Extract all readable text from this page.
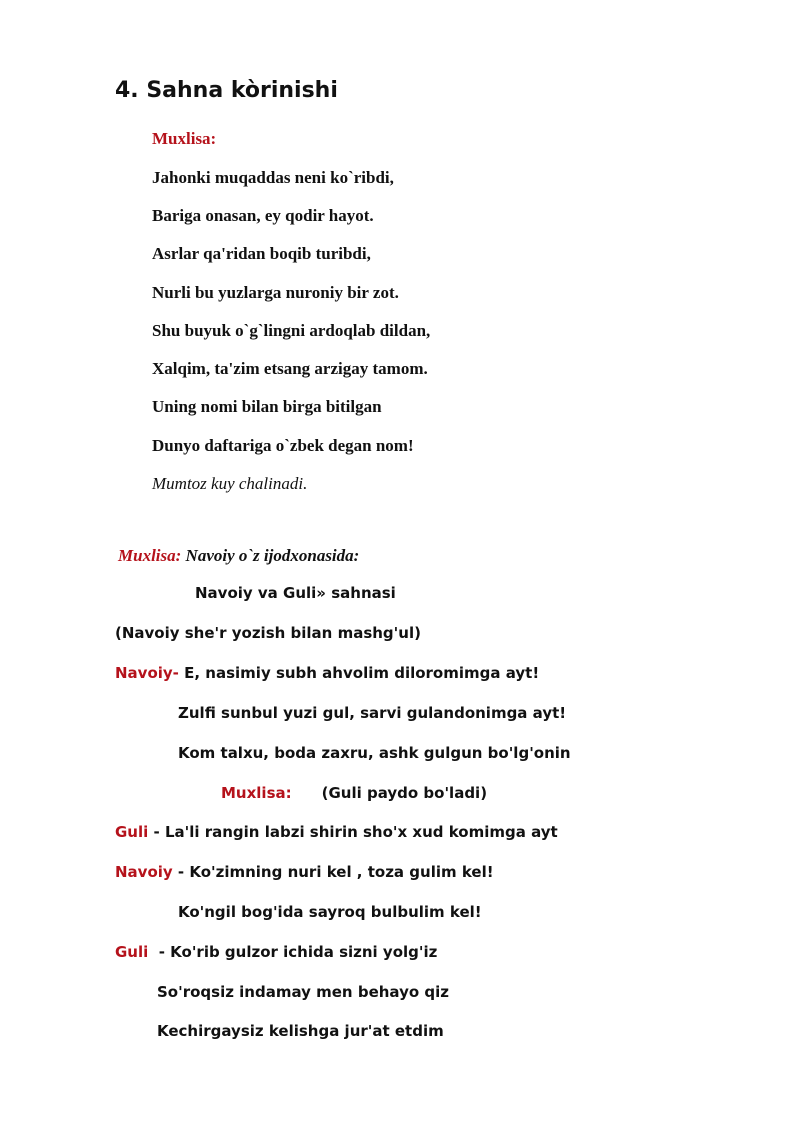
4. Sahna kòrinishi
Muxlisa:
Jahonki muqaddas neni ko`ribdi,
Bariga onasan, ey qodir hayot.
Asrlar qa'ridan boqib turibdi,
Nurli bu yuzlarga nuroniy bir zot.
Shu buyuk o`g`lingni ardoqlab dildan,
Xalqim, ta'zim etsang arzigay tamom.
Uning nomi bilan birga bitilgan
Dunyo daftariga o`zbek degan nom!
Mumtoz kuy chalinadi.
Muxlisa: Navoiy o`z ijodxonasida:
Navoiy va Guli» sahnasi
(Navoiy she'r yozish bilan mashg'ul)
Navoiy- E, nasimiy subh ahvolim diloromimga ayt!
Zulfi sunbul yuzi gul, sarvi gulandonimga ayt!
Kom talxu, boda zaxru, ashk gulgun bo'lg'onin
Muxlisa: (Guli paydo bo'ladi)
Guli - La'li rangin labzi shirin sho'x xud komimga ayt
Navoiy - Ko'zimning nuri kel , toza gulim kel!
Ko'ngil bog'ida sayroq bulbulim kel!
Guli  - Ko'rib gulzor ichida sizni yolg'iz
So'roqsiz indamay men behayo qiz
Kechirgaysiz kelishga jur'at etdim
